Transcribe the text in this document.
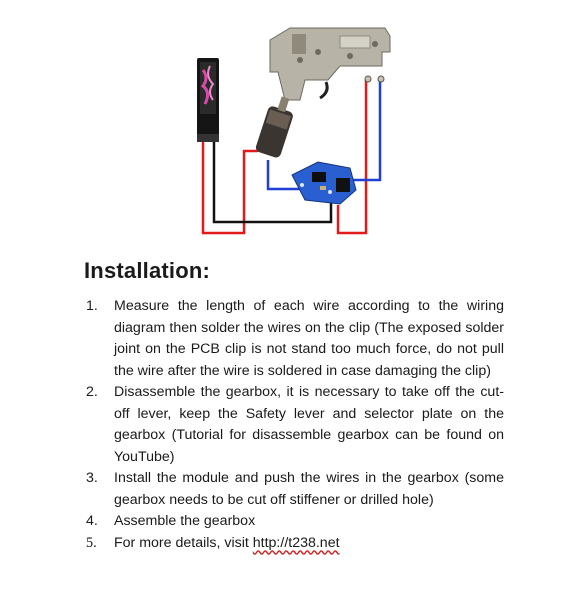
Installation:
1. Measure the length of each wire according to the wiring diagram then solder the wires on the clip (The exposed solder joint on the PCB clip is not stand too much force, do not pull the wire after the wire is soldered in case damaging the clip)
2. Disassemble the gearbox, it is necessary to take off the cut-off lever, keep the Safety lever and selector plate on the gearbox (Tutorial for disassemble gearbox can be found on YouTube)
3. Install the module and push the wires in the gearbox (some gearbox needs to be cut off stiffener or drilled hole)
4. Assemble the gearbox
5. For more details, visit http://t238.net
